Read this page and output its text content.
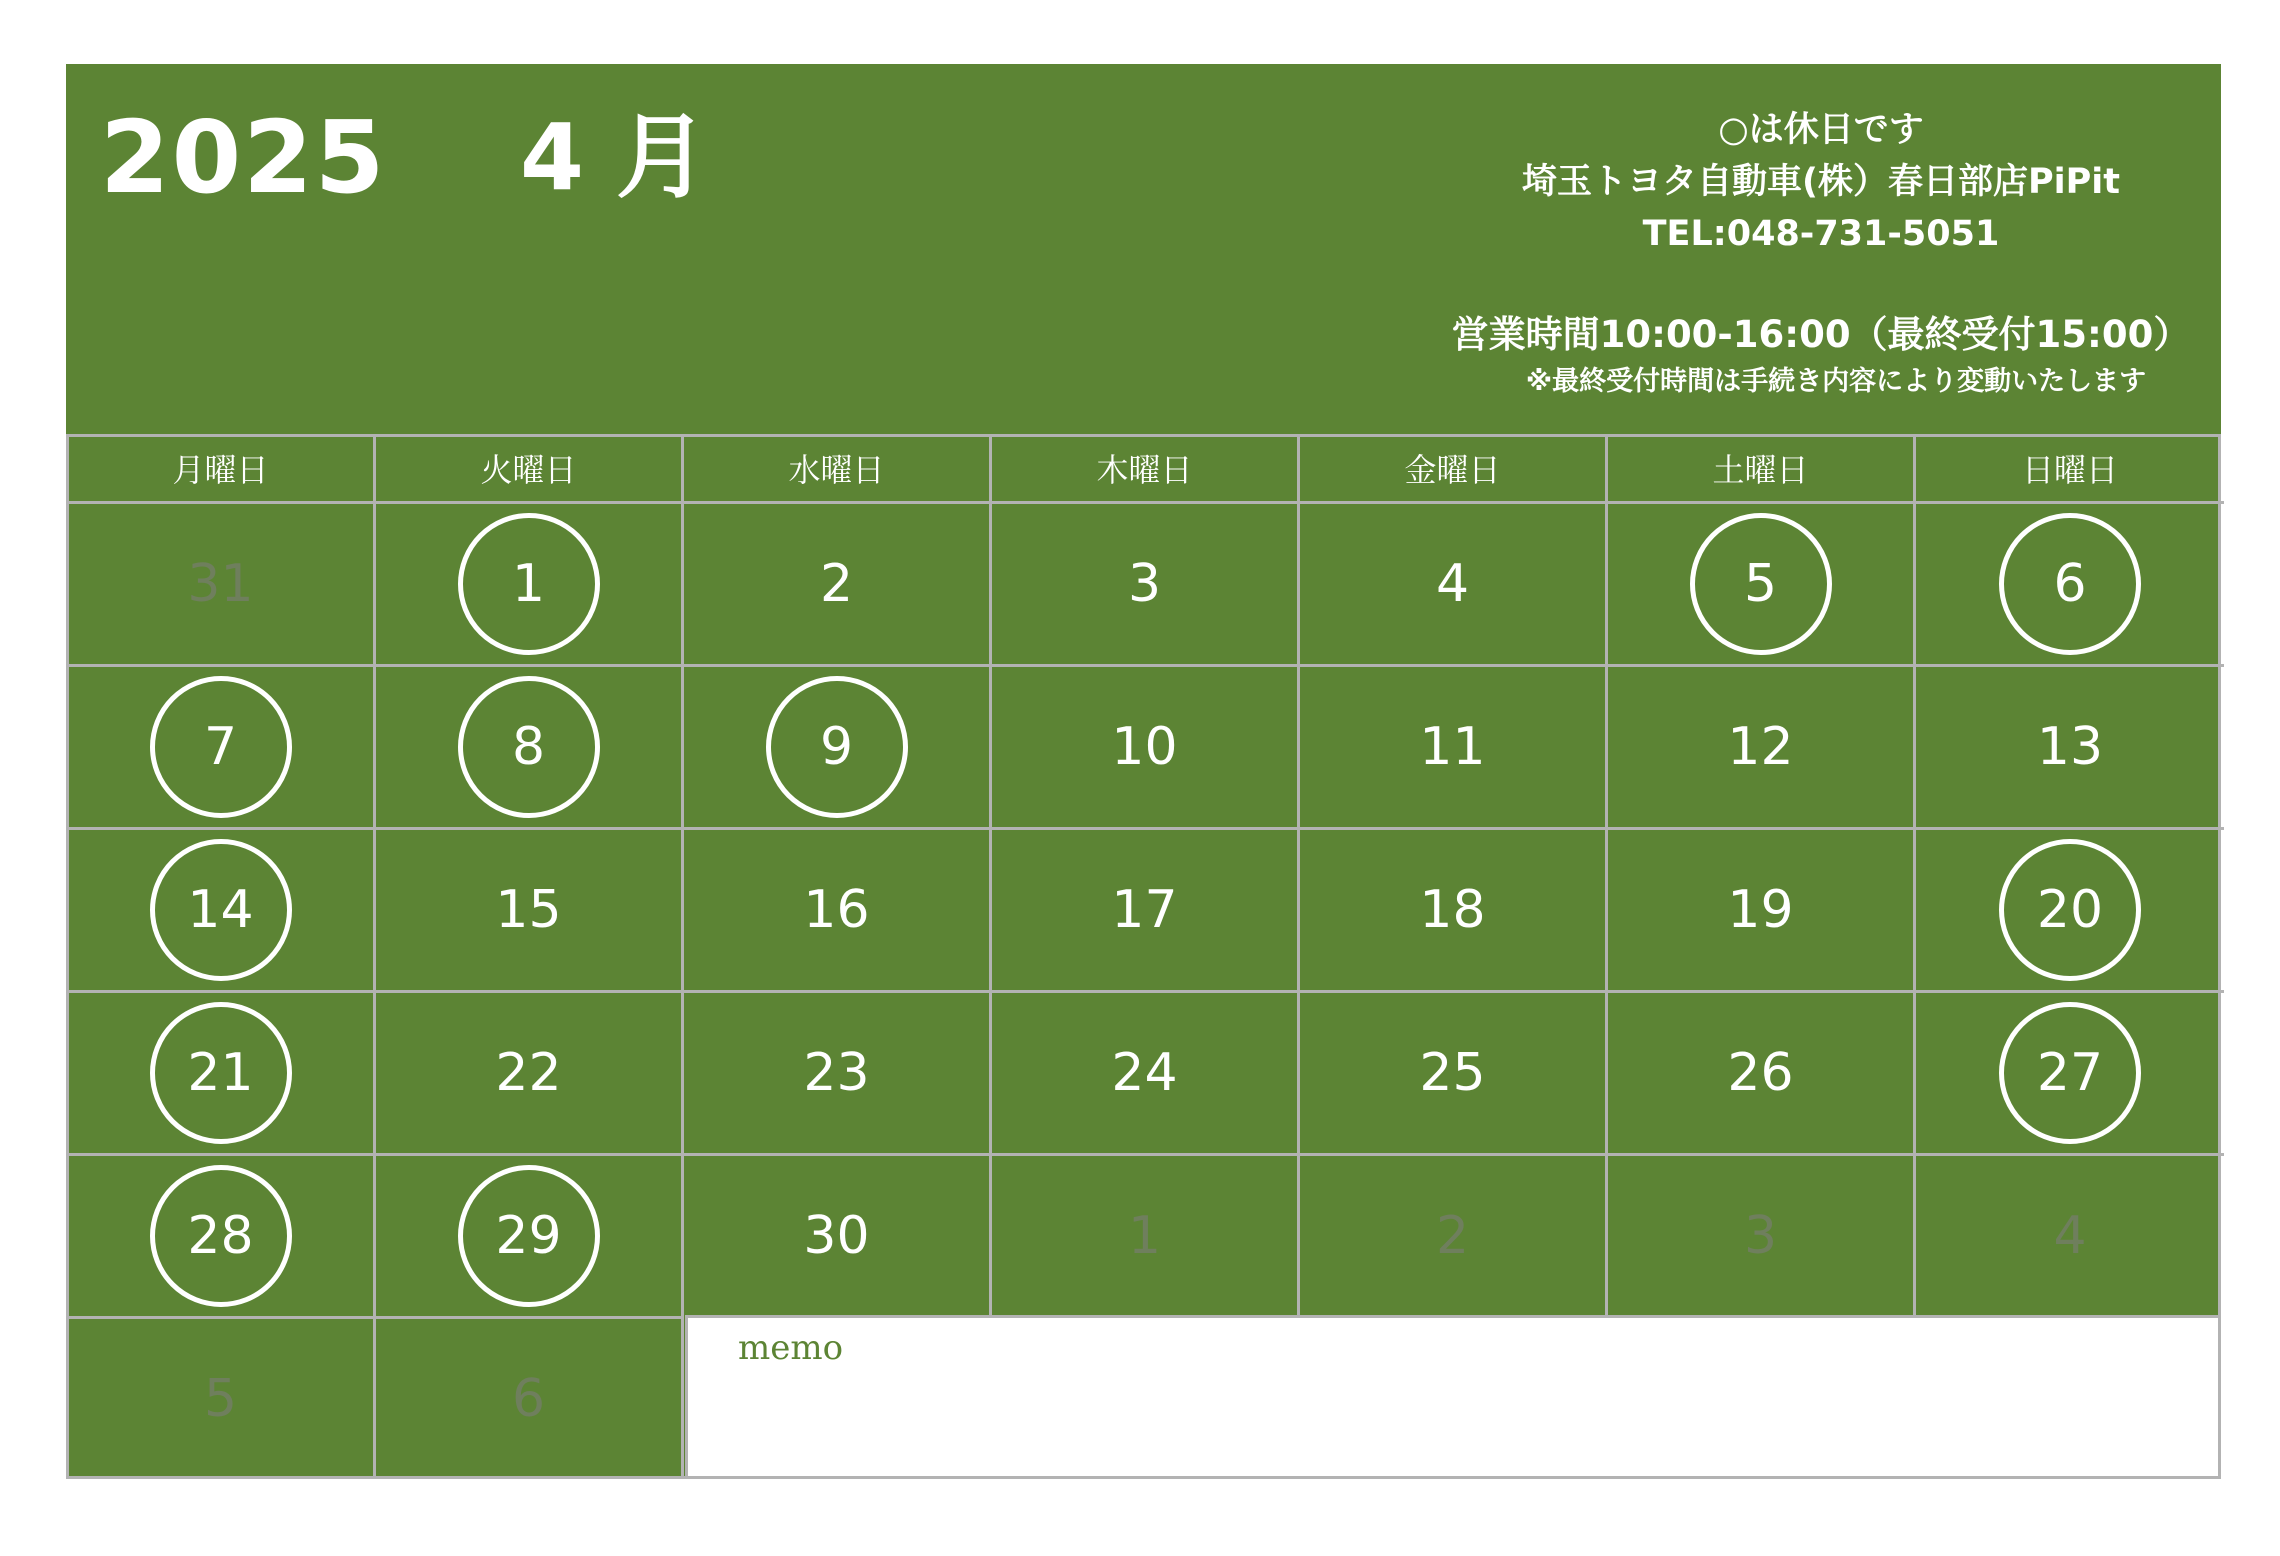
2025 4 月	○は休日です
埼玉トヨタ自動車(株）春日部店PiPit
TEL:048-731-5051
営業時間10:00-16:00（最終受付15:00）
※最終受付時間は手続き内容により変動いたします
月曜日	火曜日	水曜日	木曜日	金曜日	土曜日	日曜日
31	1	2	3	4	5	6
7	8	9	10	11	12	13
14	15	16	17	18	19	20
21	22	23	24	25	26	27
28	29	30	1	2	3	4
5	6
memo
